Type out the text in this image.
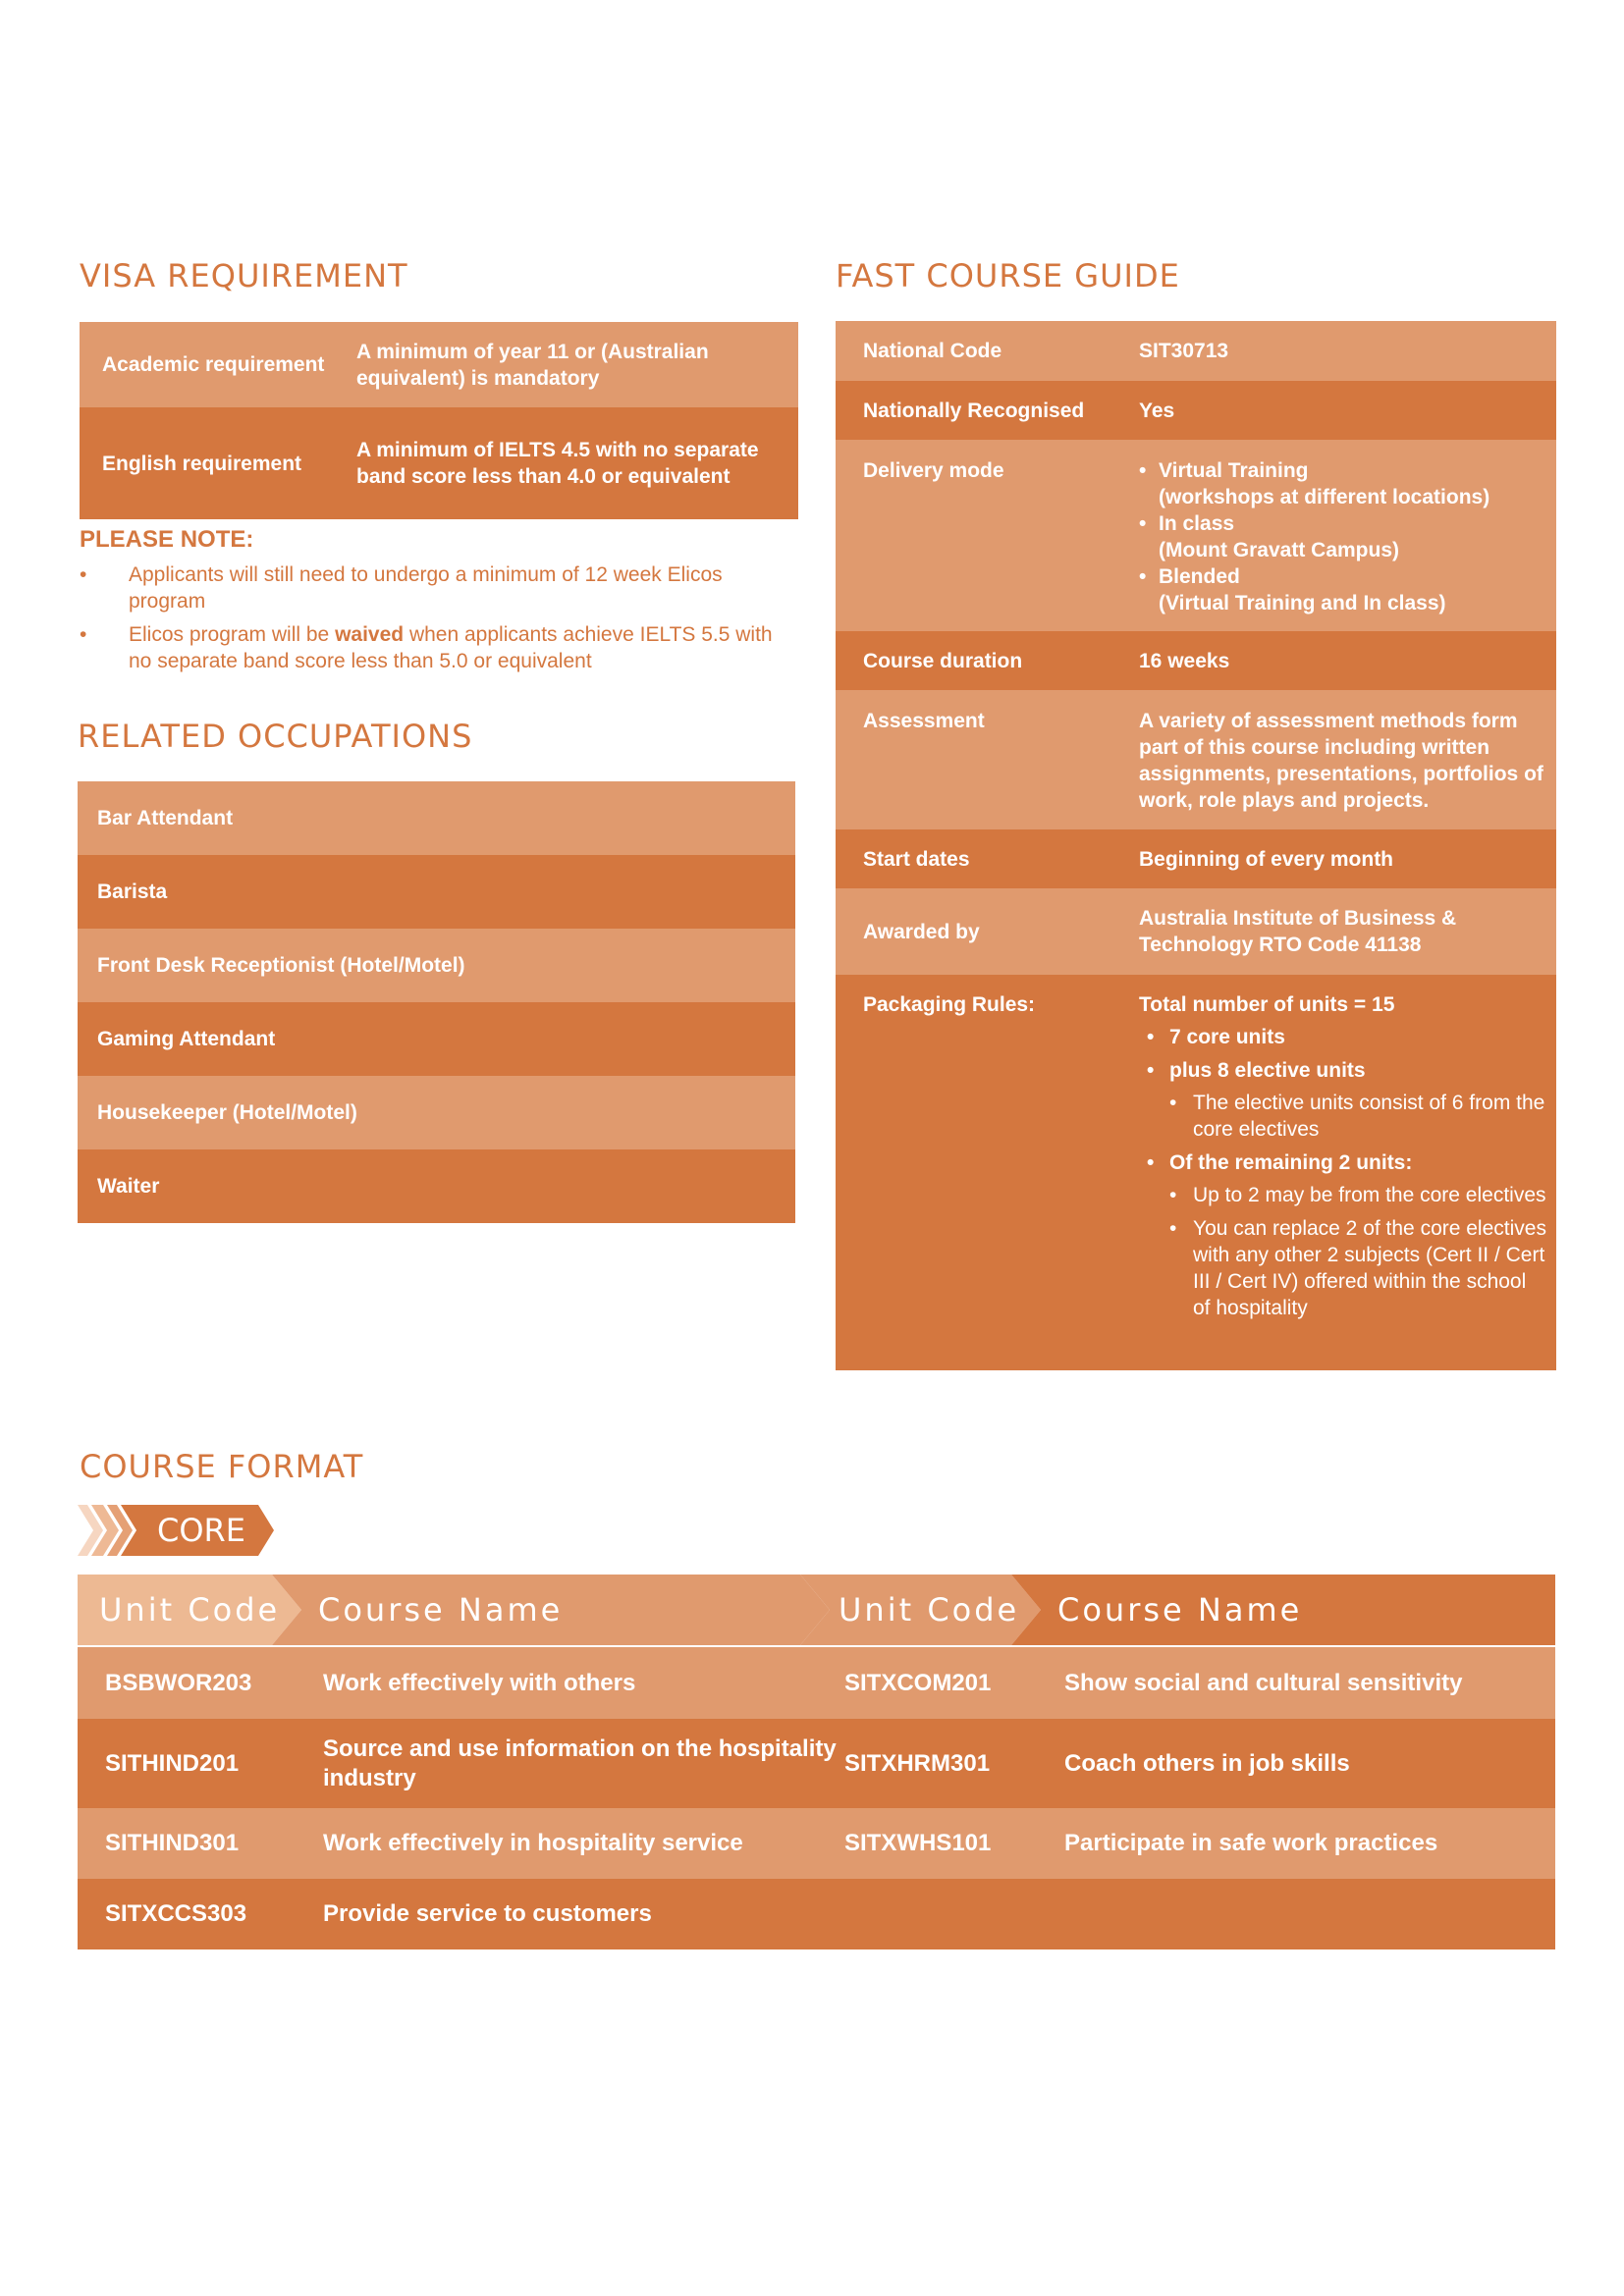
VISA REQUIREMENT
Academic requirement
A minimum of year 11 or (Australian equivalent) is mandatory
English requirement
A minimum of IELTS 4.5 with no separate band score less than 4.0 or equivalent

PLEASE NOTE:

• Applicants will still need to undergo a minimum of 12 week Elicos program
• Elicos program will be waived when applicants achieve IELTS 5.5 with no separate band score less than 5.0 or equivalent
RELATED OCCUPATIONS
Bar Attendant
Barista
Front Desk Receptionist (Hotel/Motel)
Gaming Attendant
Housekeeper (Hotel/Motel)
Waiter
FAST COURSE GUIDE
National Code	SIT30713
Nationally Recognised	Yes
Delivery mode
•	Virtual Training
(workshops at different locations)
• In class
(Mount Gravatt Campus)
• Blended
(Virtual Training and In class)
Course duration	16 weeks
Assessment	A variety of assessment methods form part of this course including written assignments, presentations, portfolios of work, role plays and projects.
Start dates	Beginning of every month
Awarded by
Australia Institute of Business & Technology RTO Code 41138
Packaging Rules:	Total number of units = 15
• 7 core units
• plus 8 elective units
• The elective units consist of 6 from the core electives
• Of the remaining 2 units:
• Up to 2 may be from the core electives
• You can replace 2 of the core electives with any other 2 subjects (Cert II / Cert III / Cert IV) offered within the school of hospitality
COURSE FORMAT
CORE
Unit Code Course Name	Unit Code Course Name
BSBWOR203	Work effectively with others	SITXCOM201	Show social and cultural sensitivity
SITHIND201
Source and use information on the hospitality industry
SITXHRM301	Coach others in job skills
SITHIND301	Work effectively in hospitality service	SITXWHS101	Participate in safe work practices
SITXCCS303	Provide service to customers
